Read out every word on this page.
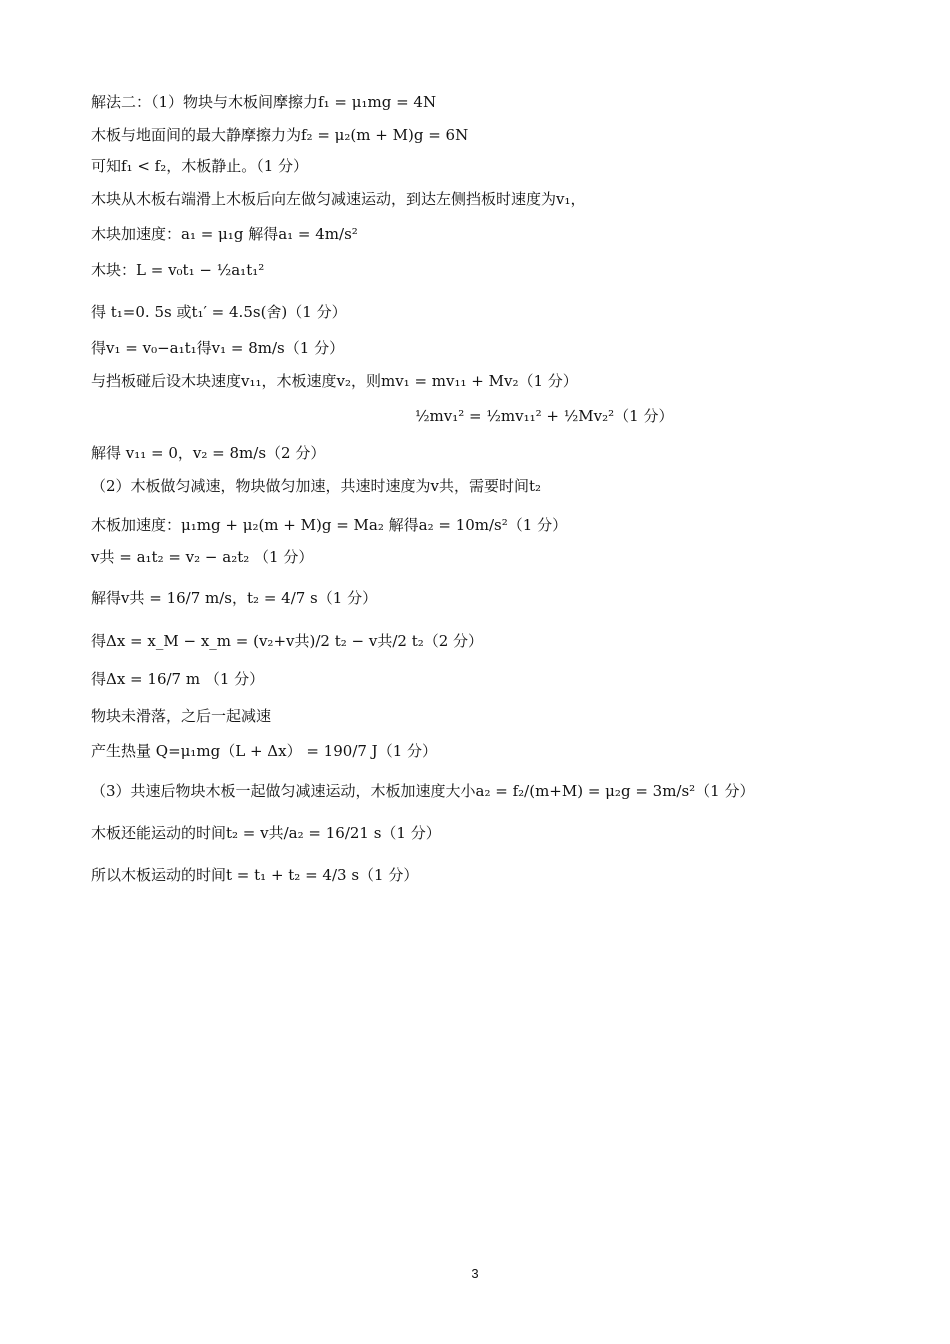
解法二：（1）物块与木板间摩擦力f₁ = μ₁mg = 4N
木板与地面间的最大静摩擦力为f₂ = μ₂(m + M)g = 6N
可知f₁ < f₂，木板静止。（1 分）
木块从木板右端滑上木板后向左做匀减速运动，到达左侧挡板时速度为v₁，
木块加速度：a₁ = μ₁g 解得a₁ = 4m/s²
木块：L = v₀t₁ − ½a₁t₁²
得 t₁=0. 5s 或t₁′ = 4.5s(舍)（1 分）
得v₁ = v₀−a₁t₁得v₁ = 8m/s（1 分）
与挡板碰后设木块速度v₁₁，木板速度v₂，则mv₁ = mv₁₁ + Mv₂（1 分）
½mv₁² = ½mv₁₁² + ½Mv₂²（1 分）
解得 v₁₁ = 0，v₂ = 8m/s（2 分）
（2）木板做匀减速，物块做匀加速，共速时速度为v共，需要时间t₂
木板加速度：μ₁mg + μ₂(m + M)g = Ma₂ 解得a₂ = 10m/s²（1 分）
v共 = a₁t₂ = v₂ − a₂t₂ （1 分）
解得v共 = 16/7 m/s，t₂ = 4/7 s（1 分）
得Δx = x_M − x_m = (v₂+v共)/2 t₂ − v共/2 t₂（2 分）
得Δx = 16/7 m （1 分）
物块未滑落，之后一起减速
产生热量 Q=μ₁mg（L + Δx） = 190/7 J（1 分）
（3）共速后物块木板一起做匀减速运动，木板加速度大小a₂ = f₂/(m+M) = μ₂g = 3m/s²（1 分）
木板还能运动的时间t₂ = v共/a₂ = 16/21 s（1 分）
所以木板运动的时间t = t₁ + t₂ = 4/3 s（1 分）
3
